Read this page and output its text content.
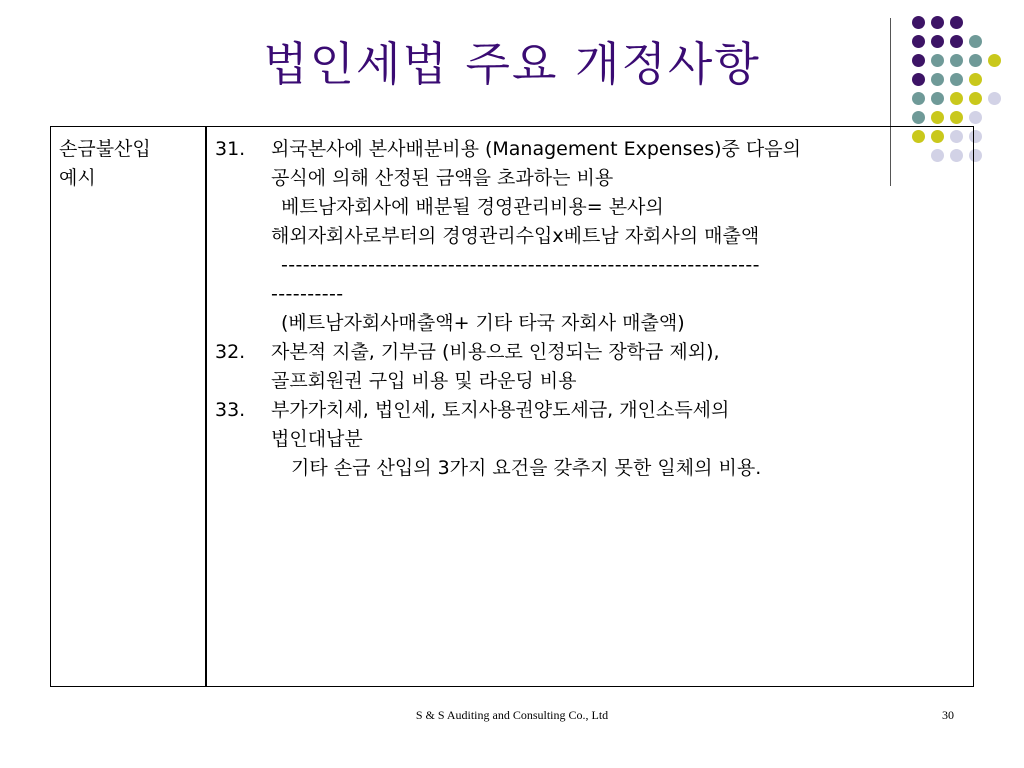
법인세법 주요 개정사항
손금불산입
예시
31. 외국본사에 본사배분비용 (Management Expenses)중 다음의
공식에 의해 산정된 금액을 초과하는 비용
베트남자회사에 배분될 경영관리비용= 본사의
해외자회사로부터의 경영관리수입x베트남 자회사의 매출액
------------------------------------------------------------------
----------
(베트남자회사매출액+ 기타 타국 자회사 매출액)
32. 자본적 지출, 기부금 (비용으로 인정되는 장학금 제외),
골프회원권 구입 비용 및 라운딩 비용
33. 부가가치세, 법인세, 토지사용권양도세금, 개인소득세의
법인대납분
기타 손금 산입의 3가지 요건을 갖추지 못한 일체의 비용.
S & S Auditing and Consulting Co., Ltd	30
